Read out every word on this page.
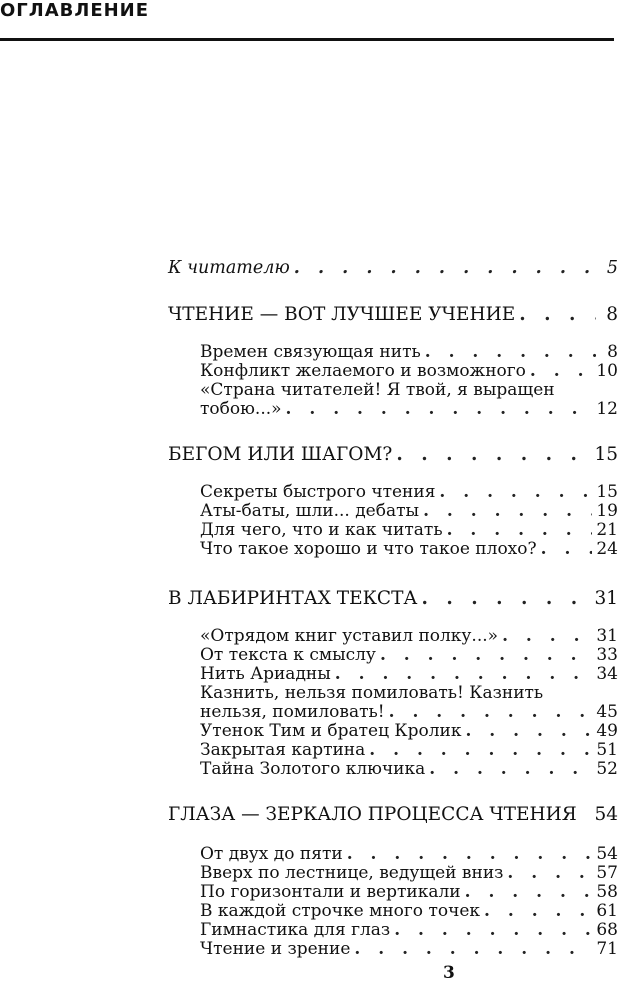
ОГЛАВЛЕНИЕ
К читателю . . .	5
ЧТЕНИЕ — ВОТ ЛУЧШЕЕ УЧЕНИЕ . . .	8
Времен связующая нить . . .	8
Конфликт желаемого и возможного . . .	10
«Страна читателей! Я твой, я выращен
тобою...» . . .	12
БЕГОМ ИЛИ ШАГОМ? . . .	15
Секреты быстрого чтения . . .	15
Аты-баты, шли... дебаты . . .	19
Для чего, что и как читать . . .	21
Что такое хорошо и что такое плохо? . . .	24
В ЛАБИРИНТАХ ТЕКСТА . . .	31
«Отрядом книг уставил полку...» . . .	31
От текста к смыслу . . .	33
Нить Ариадны . . .	34
Казнить, нельзя помиловать! Казнить
нельзя, помиловать! . . .	45
Утенок Тим и братец Кролик . . .	49
Закрытая картина . . .	51
Тайна Золотого ключика . . .	52
ГЛАЗА — ЗЕРКАЛО ПРОЦЕССА ЧТЕНИЯ 54
От двух до пяти . . .	54
Вверх по лестнице, ведущей вниз . . .	57
По горизонтали и вертикали . . .	58
В каждой строчке много точек . . .	61
Гимнастика для глаз . . .	68
Чтение и зрение . . .	71
3
